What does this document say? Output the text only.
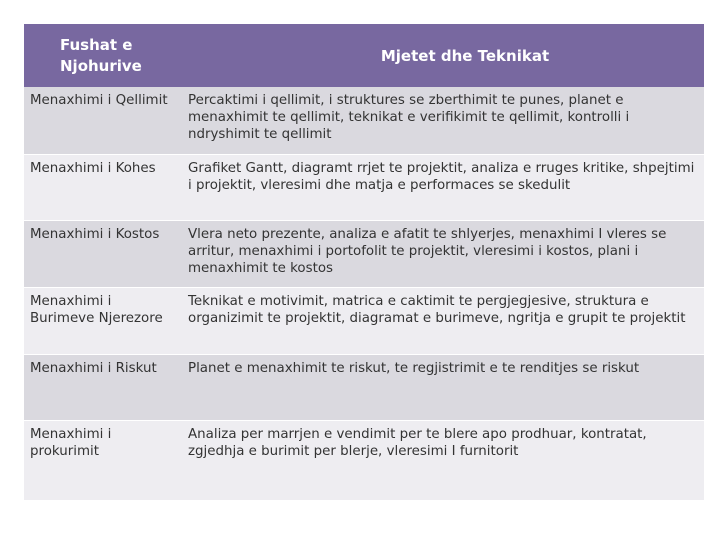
Fushat e Njohurive	Mjetet dhe Teknikat
Menaxhimi i Qellimit	Percaktimi i qellimit, i struktures se zberthimit te punes, planet e menaxhimit te qellimit, teknikat e verifikimit te qellimit, kontrolli i ndryshimit te qellimit
Menaxhimi i Kohes	Grafiket Gantt, diagramt rrjet te projektit, analiza e rruges kritike, shpejtimi i projektit, vleresimi dhe matja e performaces se skedulit
Menaxhimi i Kostos	Vlera neto prezente, analiza e afatit te shlyerjes, menaxhimi I vleres se arritur, menaxhimi i portofolit te projektit, vleresimi i kostos, plani i menaxhimit te kostos
Menaxhimi i Burimeve Njerezore	Teknikat e motivimit, matrica e caktimit te pergjegjesive, struktura e organizimit te projektit, diagramat e burimeve, ngritja e grupit te projektit
Menaxhimi i Riskut	Planet e menaxhimit te riskut, te regjistrimit e te renditjes se riskut
Menaxhimi i prokurimit	Analiza per marrjen e vendimit per te blere apo prodhuar, kontratat, zgjedhja e burimit per blerje, vleresimi I furnitorit
